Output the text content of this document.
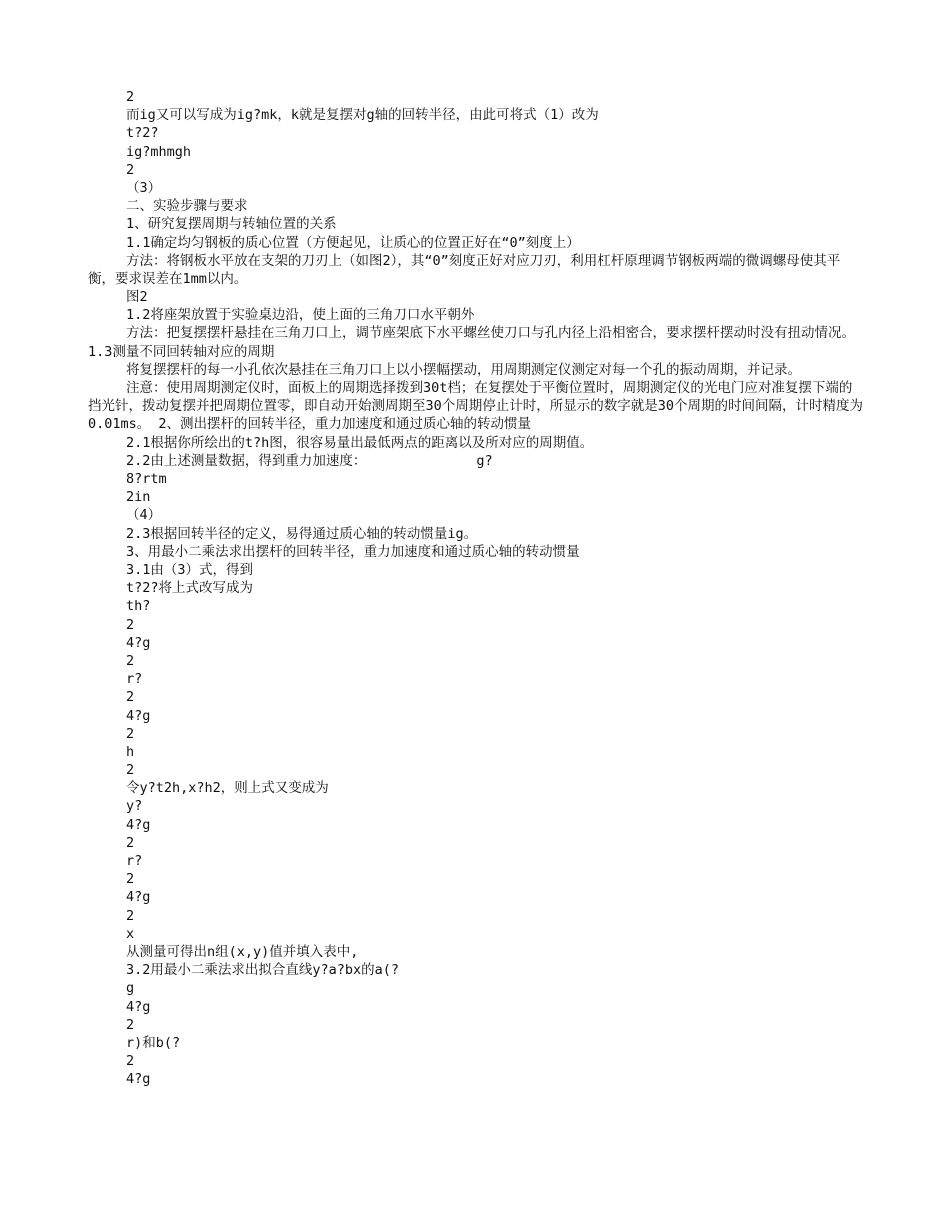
2
而ig又可以写成为ig?mk，k就是复摆对g轴的回转半径，由此可将式（1）改为
t?2?
ig?mhmgh
2
（3）
二、实验步骤与要求
1、研究复摆周期与转轴位置的关系
1.1确定均匀钢板的质心位置（方便起见，让质心的位置正好在“0”刻度上）
方法：将钢板水平放在支架的刀刃上（如图2），其“0”刻度正好对应刀刃，利用杠杆原理调节钢板两端的微调螺母使其平衡，要求误差在1mm以内。
图2
1.2将座架放置于实验桌边沿，使上面的三角刀口水平朝外
方法：把复摆摆杆悬挂在三角刀口上，调节座架底下水平螺丝使刀口与孔内径上沿相密合，要求摆杆摆动时没有扭动情况。 1.3测量不同回转轴对应的周期
将复摆摆杆的每一小孔依次悬挂在三角刀口上以小摆幅摆动，用周期测定仪测定对每一个孔的振动周期，并记录。
注意：使用周期测定仪时，面板上的周期选择拨到30t档；在复摆处于平衡位置时，周期测定仪的光电门应对准复摆下端的挡光针，拨动复摆并把周期位置零，即自动开始测周期至30个周期停止计时，所显示的数字就是30个周期的时间间隔，计时精度为0.01ms。 2、测出摆杆的回转半径，重力加速度和通过质心轴的转动惯量
2.1根据你所绘出的t?h图，很容易量出最低两点的距离以及所对应的周期值。
2.2由上述测量数据，得到重力加速度：	g?
8?rtm
2in
（4）
2.3根据回转半径的定义，易得通过质心轴的转动惯量ig。
3、用最小二乘法求出摆杆的回转半径，重力加速度和通过质心轴的转动惯量
3.1由（3）式，得到
t?2?将上式改写成为
th?
2
4?g
2
r?
2
4?g
2
h
2
令y?t2h,x?h2，则上式又变成为
y?
4?g
2
r?
2
4?g
2
x
从测量可得出n组(x,y)值并填入表中,
3.2用最小二乘法求出拟合直线y?a?bx的a(?
g
4?g
2
r)和b(?
2
4?g
